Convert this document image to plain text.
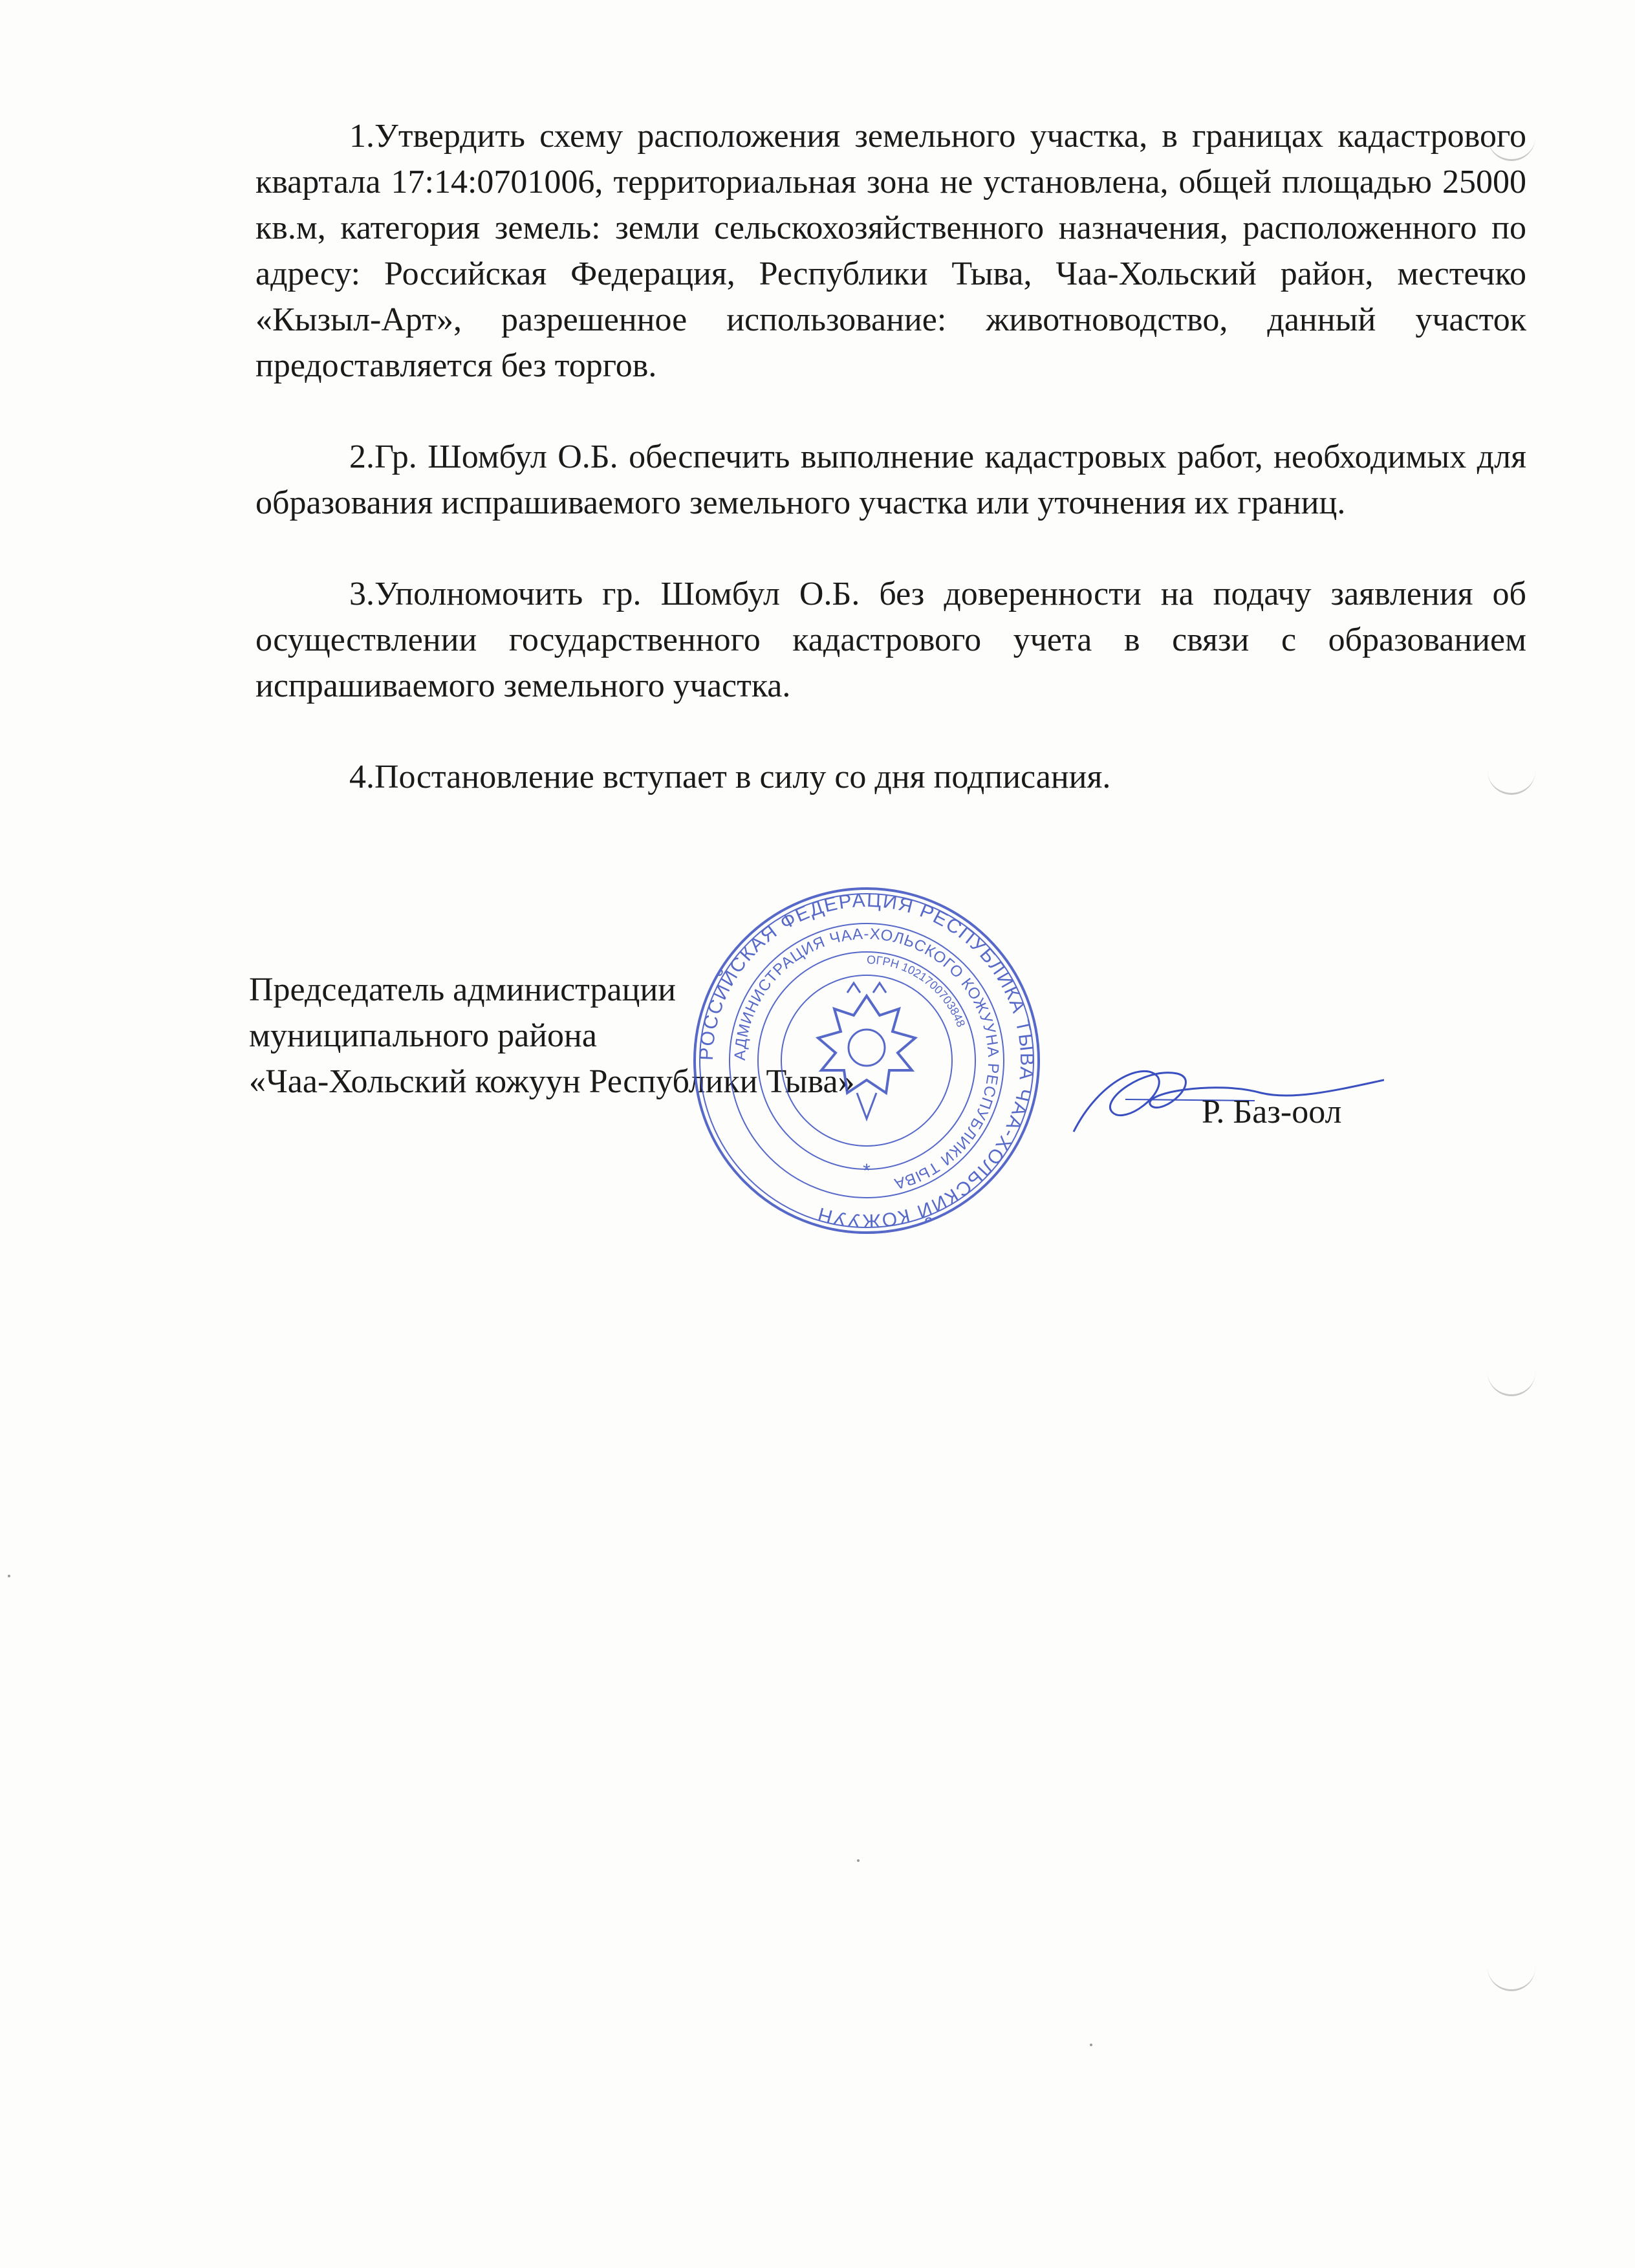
1.Утвердить схему расположения земельного участка, в границах кадастрового квартала 17:14:0701006, территориальная зона не установлена, общей площадью 25000 кв.м, категория земель: земли сельскохозяйственного назначения, расположенного по адресу: Российская Федерация, Республики Тыва, Чаа-Хольский район, местечко «Кызыл-Арт», разрешенное использование: животноводство, данный участок предоставляется без торгов.

2.Гр. Шомбул О.Б. обеспечить выполнение кадастровых работ, необходимых для образования испрашиваемого земельного участка или уточнения их границ.

3.Уполномочить гр. Шомбул О.Б. без доверенности на подачу заявления об осуществлении государственного кадастрового учета в связи с образованием испрашиваемого земельного участка.

4.Постановление вступает в силу со дня подписания.

Председатель администрации
муниципального района
«Чаа-Хольский кожуун Республики Тыва»
РОССИЙСКАЯ ФЕДЕРАЦИЯ РЕСПУБЛИКА ТЫВА ЧАА-ХОЛЬСКИЙ КОЖУУН
АДМИНИСТРАЦИЯ ЧАА-ХОЛЬСКОГО КОЖУУНА РЕСПУБЛИКИ ТЫВА
ОГРН 1021700703848
*
Р. Баз-оол
